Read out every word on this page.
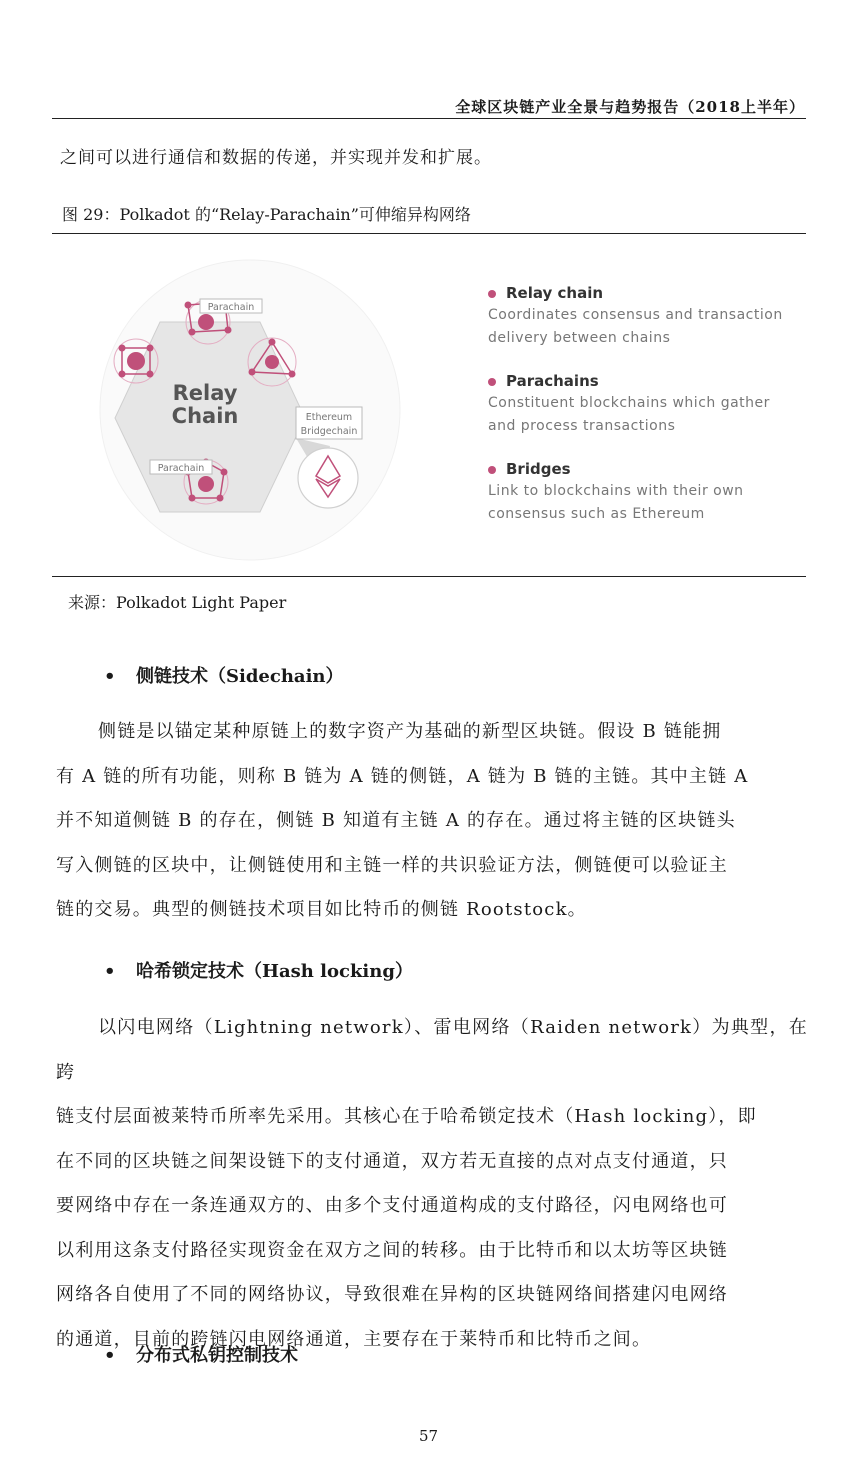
全球区块链产业全景与趋势报告（2018上半年）
之间可以进行通信和数据的传递，并实现并发和扩展。
图 29：Polkadot 的“Relay-Parachain”可伸缩异构网络
Relay
Chain
Parachain
Parachain
Ethereum
Bridgechain
Relay chain
Coordinates consensus and transaction
delivery between chains
Parachains
Constituent blockchains which gather
and process transactions
Bridges
Link to blockchains with their own
consensus such as Ethereum
来源：Polkadot Light Paper
• 侧链技术（Sidechain）

侧链是以锚定某种原链上的数字资产为基础的新型区块链。假设 B 链能拥

有 A 链的所有功能，则称 B 链为 A 链的侧链，A 链为 B 链的主链。其中主链 A

并不知道侧链 B 的存在，侧链 B 知道有主链 A 的存在。通过将主链的区块链头

写入侧链的区块中，让侧链使用和主链一样的共识验证方法，侧链便可以验证主

链的交易。典型的侧链技术项目如比特币的侧链 Rootstock。

• 哈希锁定技术（Hash locking）

以闪电网络（Lightning network）、雷电网络（Raiden network）为典型，在跨

链支付层面被莱特币所率先采用。其核心在于哈希锁定技术（Hash locking），即

在不同的区块链之间架设链下的支付通道，双方若无直接的点对点支付通道，只

要网络中存在一条连通双方的、由多个支付通道构成的支付路径，闪电网络也可

以利用这条支付路径实现资金在双方之间的转移。由于比特币和以太坊等区块链

网络各自使用了不同的网络协议，导致很难在异构的区块链网络间搭建闪电网络

的通道，目前的跨链闪电网络通道，主要存在于莱特币和比特币之间。

• 分布式私钥控制技术
57
